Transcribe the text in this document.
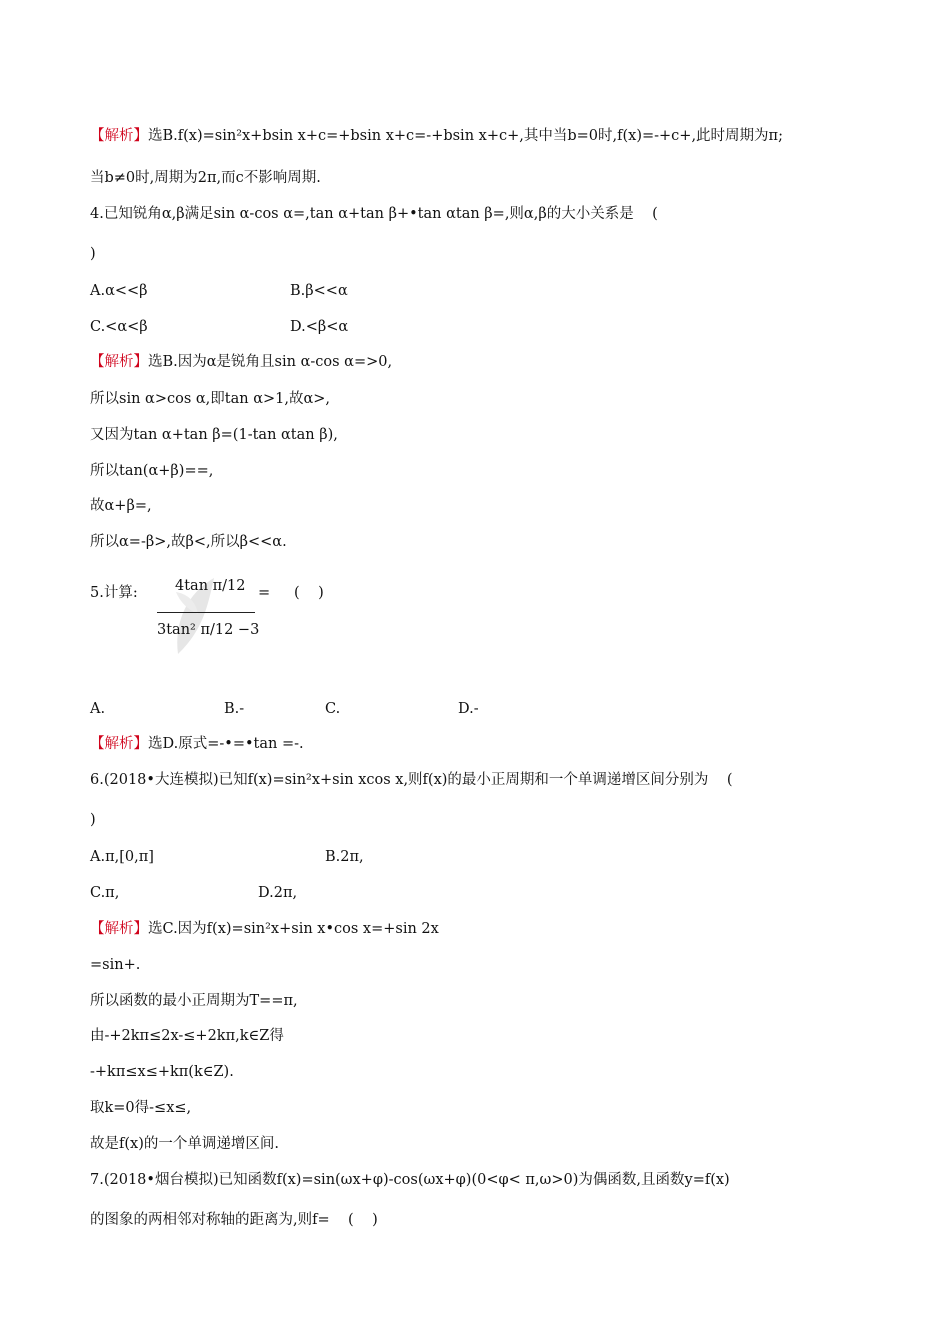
【解析】选B.f(x)=sin²x+bsin x+c=+bsin x+c=-+bsin x+c+,其中当b=0时,f(x)=-+c+,此时周期为π;
当b≠0时,周期为2π,而c不影响周期.
4.已知锐角α,β满足sin α-cos α=,tan α+tan β+•tan αtan β=,则α,β的大小关系是    (
)
A.α<<β	B.β<<α
C.<α<β	D.<β<α
【解析】选B.因为α是锐角且sin α-cos α=>0,
所以sin α>cos α,即tan α>1,故α>,
又因为tan α+tan β=(1-tan αtan β),
所以tan(α+β)==,
故α+β=,
所以α=-β>,故β<,所以β<<α.
5.计算:	4tan π/12
3tan² π/12 −3
= (    )
A.	B.-	C.	D.-
【解析】选D.原式=-•=•tan =-.
6.(2018•大连模拟)已知f(x)=sin²x+sin xcos x,则f(x)的最小正周期和一个单调递增区间分别为    (
)
A.π,[0,π]	B.2π,
C.π,	D.2π,
【解析】选C.因为f(x)=sin²x+sin x•cos x=+sin 2x
=sin+.
所以函数的最小正周期为T==π,
由-+2kπ≤2x-≤+2kπ,k∈Z得
-+kπ≤x≤+kπ(k∈Z).
取k=0得-≤x≤,
故是f(x)的一个单调递增区间.
7.(2018•烟台模拟)已知函数f(x)=sin(ωx+φ)-cos(ωx+φ)(0<φ< π,ω>0)为偶函数,且函数y=f(x)
的图象的两相邻对称轴的距离为,则f=    (    )
